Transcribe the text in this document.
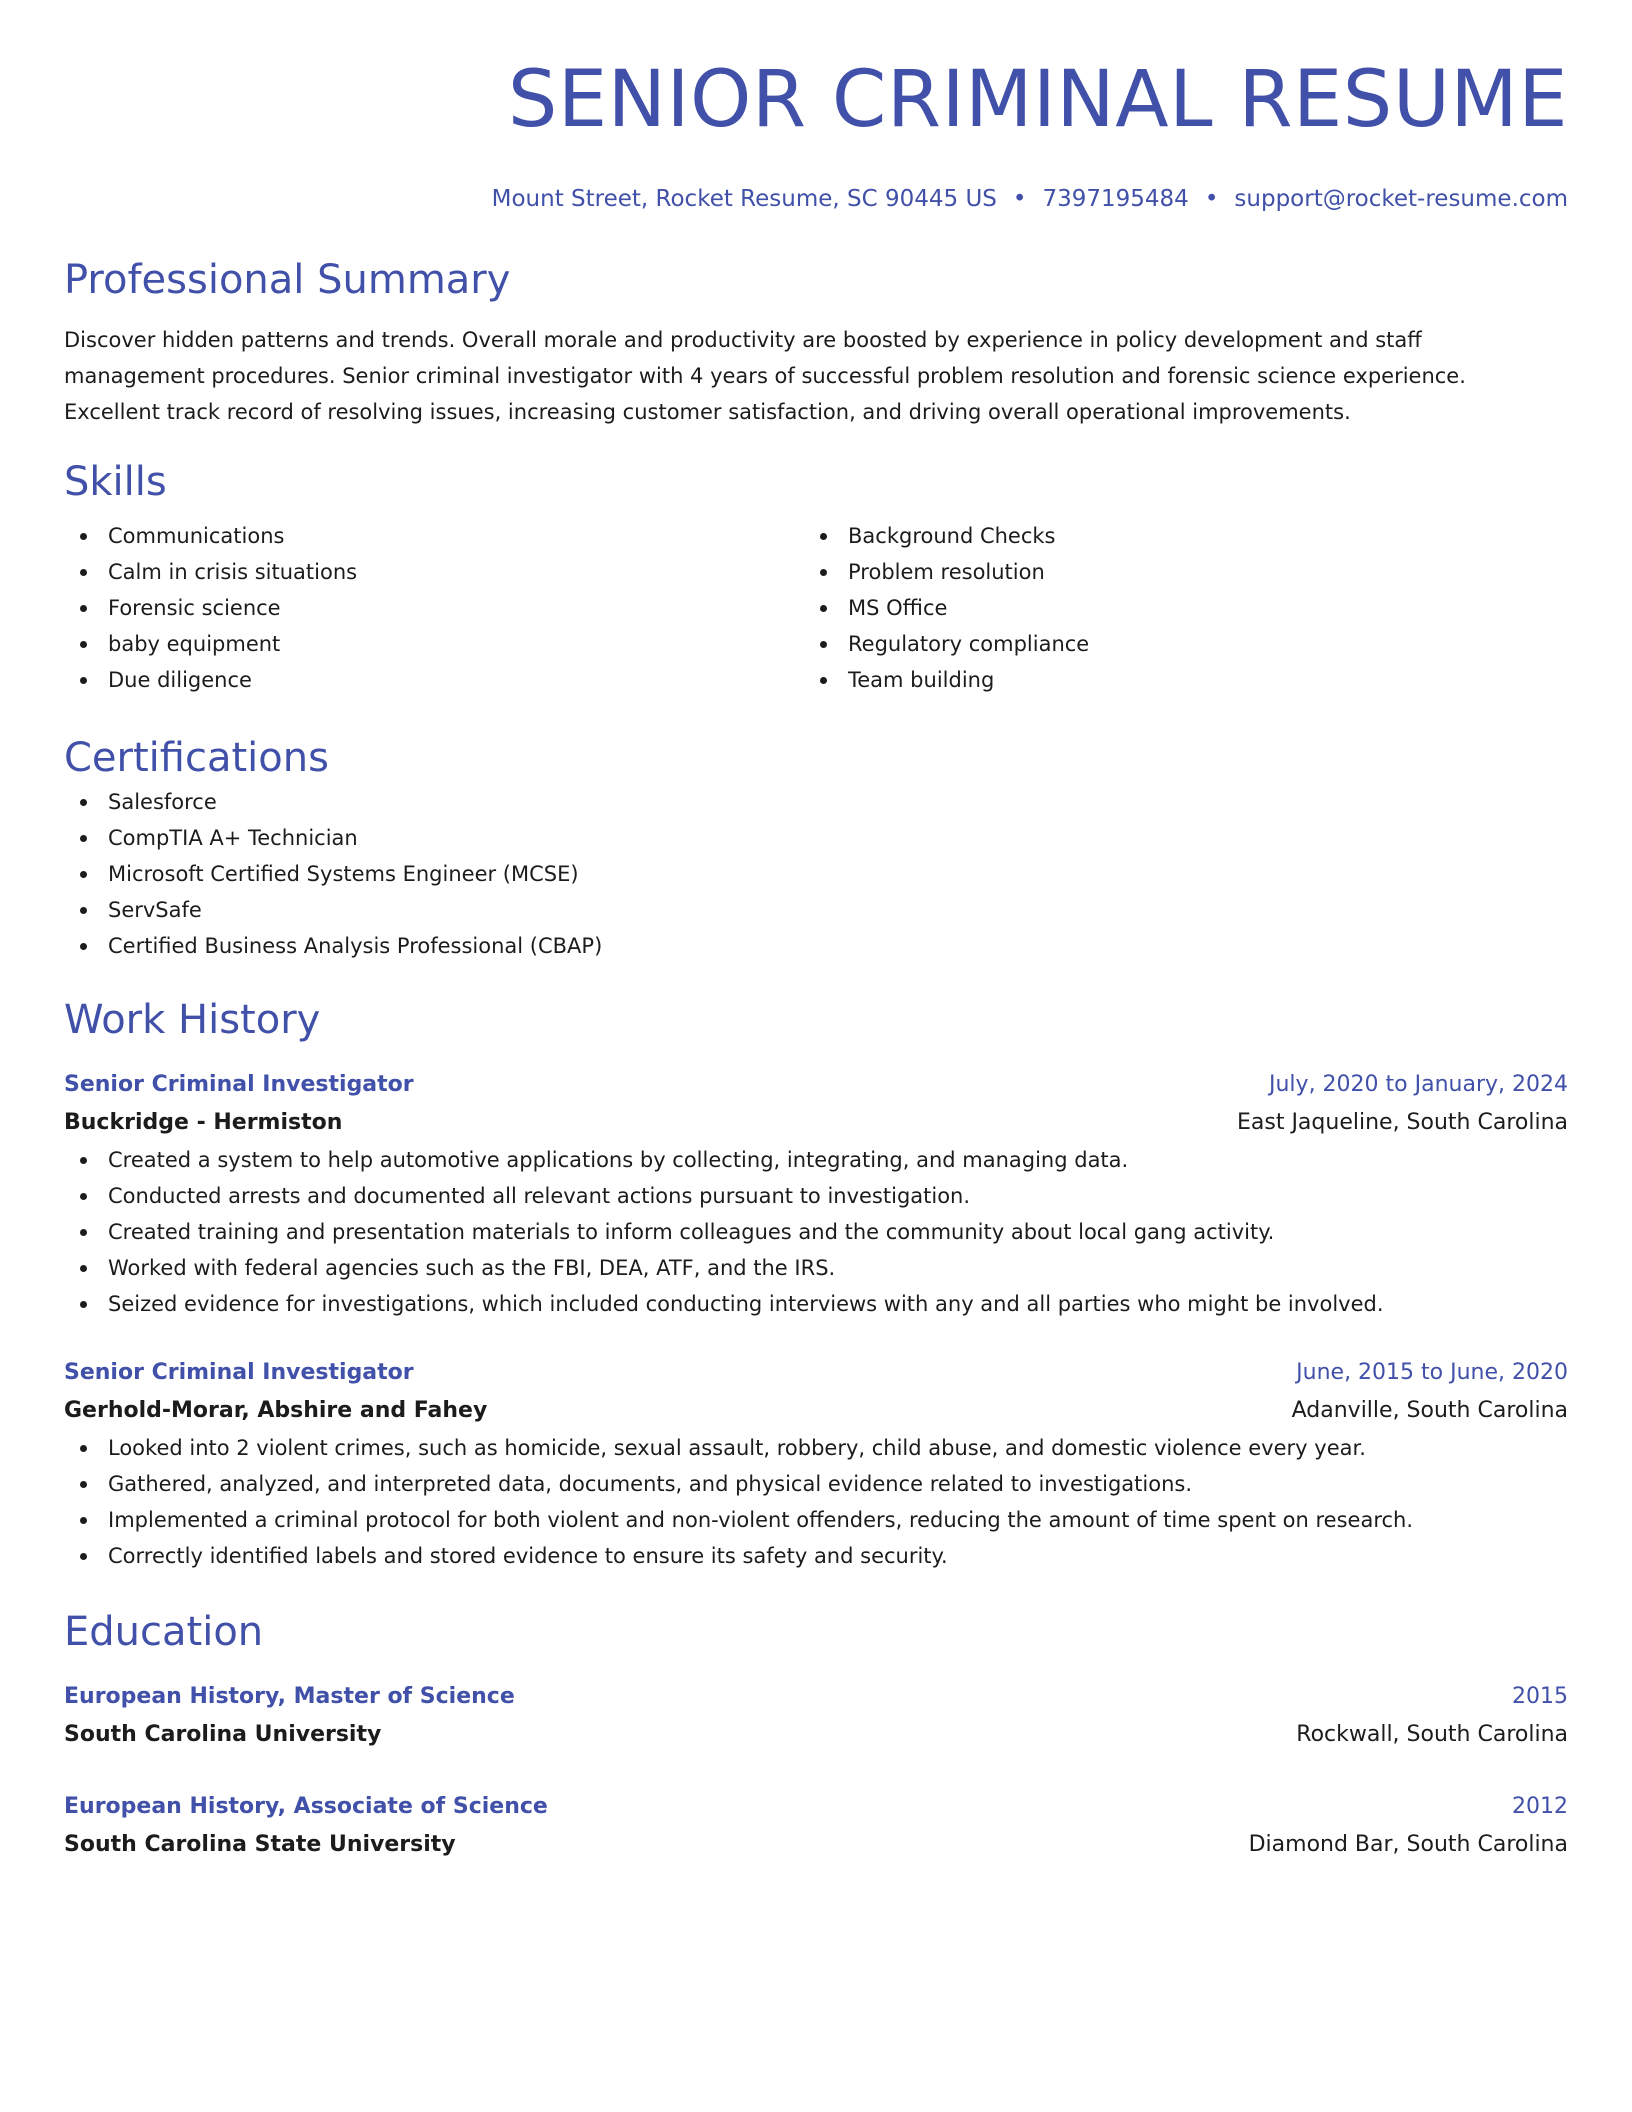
SENIOR CRIMINAL RESUME
Mount Street, Rocket Resume, SC 90445 US • 7397195484 • support@rocket-resume.com
Professional Summary
Discover hidden patterns and trends. Overall morale and productivity are boosted by experience in policy development and staff management procedures. Senior criminal investigator with 4 years of successful problem resolution and forensic science experience. Excellent track record of resolving issues, increasing customer satisfaction, and driving overall operational improvements.
Skills
Communications
Calm in crisis situations
Forensic science
baby equipment
Due diligence
Background Checks
Problem resolution
MS Office
Regulatory compliance
Team building
Certifications
Salesforce
CompTIA A+ Technician
Microsoft Certified Systems Engineer (MCSE)
ServSafe
Certified Business Analysis Professional (CBAP)
Work History
Senior Criminal Investigator	July, 2020 to January, 2024
Buckridge - Hermiston	East Jaqueline, South Carolina
Created a system to help automotive applications by collecting, integrating, and managing data.
Conducted arrests and documented all relevant actions pursuant to investigation.
Created training and presentation materials to inform colleagues and the community about local gang activity.
Worked with federal agencies such as the FBI, DEA, ATF, and the IRS.
Seized evidence for investigations, which included conducting interviews with any and all parties who might be involved.
Senior Criminal Investigator	June, 2015 to June, 2020
Gerhold-Morar, Abshire and Fahey	Adanville, South Carolina
Looked into 2 violent crimes, such as homicide, sexual assault, robbery, child abuse, and domestic violence every year.
Gathered, analyzed, and interpreted data, documents, and physical evidence related to investigations.
Implemented a criminal protocol for both violent and non-violent offenders, reducing the amount of time spent on research.
Correctly identified labels and stored evidence to ensure its safety and security.
Education
European History, Master of Science	2015
South Carolina University	Rockwall, South Carolina
European History, Associate of Science	2012
South Carolina State University	Diamond Bar, South Carolina
